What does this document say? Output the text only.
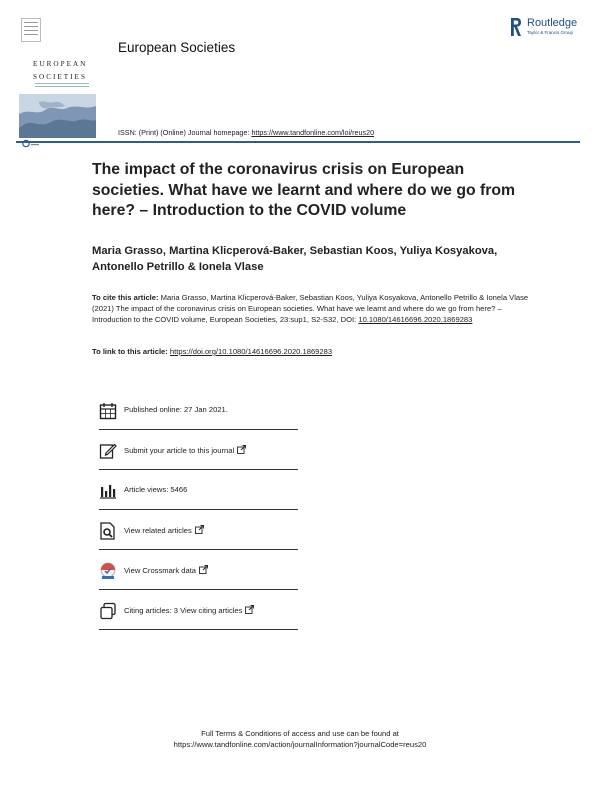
EUROPEAN
SOCIETIES
European Societies
Routledge
Taylor & Francis Group
ISSN: (Print) (Online) Journal homepage: https://www.tandfonline.com/loi/reus20
The impact of the coronavirus crisis on European societies. What have we learnt and where do we go from here? – Introduction to the COVID volume

Maria Grasso, Martina Klicperová-Baker, Sebastian Koos, Yuliya Kosyakova, Antonello Petrillo & Ionela Vlase

To cite this article: Maria Grasso, Martina Klicperová-Baker, Sebastian Koos, Yuliya Kosyakova, Antonello Petrillo & Ionela Vlase (2021) The impact of the coronavirus crisis on European societies. What have we learnt and where do we go from here? – Introduction to the COVID volume, European Societies, 23:sup1, S2-S32, DOI: 10.1080/14616696.2020.1869283
To link to this article: https://doi.org/10.1080/14616696.2020.1869283
Published online: 27 Jan 2021.
Submit your article to this journal
Article views: 5466
View related articles
View Crossmark data
Citing articles: 3 View citing articles
Full Terms & Conditions of access and use can be found at
https://www.tandfonline.com/action/journalInformation?journalCode=reus20
